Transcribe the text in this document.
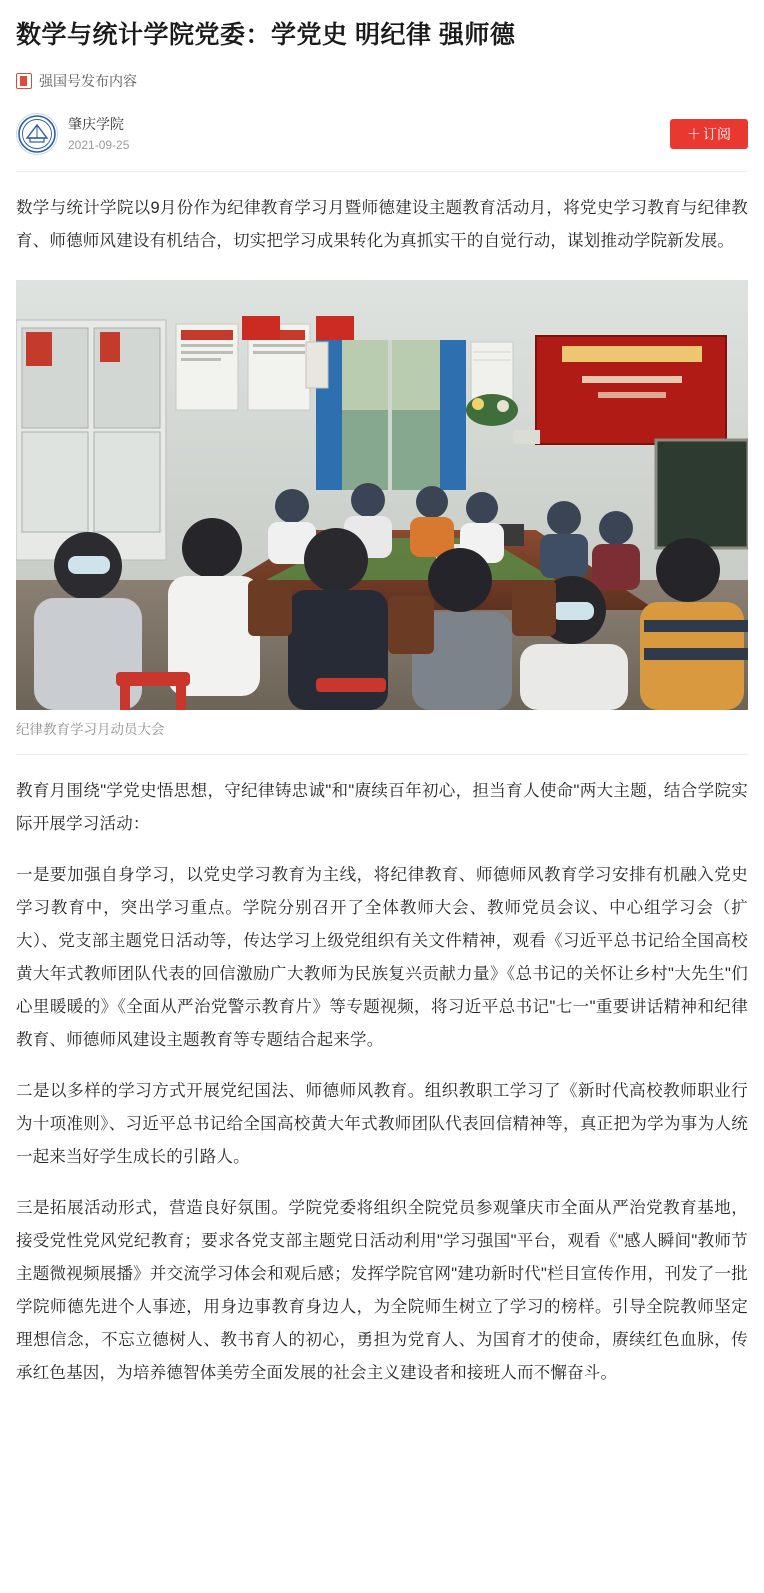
数学与统计学院党委：学党史 明纪律 强师德
强国号发布内容
肇庆学院
2021-09-25
＋ 订阅

数学与统计学院以9月份作为纪律教育学习月暨师德建设主题教育活动月，将党史学习教育与纪律教育、师德师风建设有机结合，切实把学习成果转化为真抓实干的自觉行动，谋划推动学院新发展。

纪律教育学习月动员大会

教育月围绕"学党史悟思想，守纪律铸忠诚"和"赓续百年初心，担当育人使命"两大主题，结合学院实际开展学习活动：

一是要加强自身学习，以党史学习教育为主线，将纪律教育、师德师风教育学习安排有机融入党史学习教育中，突出学习重点。学院分别召开了全体教师大会、教师党员会议、中心组学习会（扩大）、党支部主题党日活动等，传达学习上级党组织有关文件精神，观看《习近平总书记给全国高校黄大年式教师团队代表的回信激励广大教师为民族复兴贡献力量》《总书记的关怀让乡村"大先生"们心里暖暖的》《全面从严治党警示教育片》等专题视频，将习近平总书记"七一"重要讲话精神和纪律教育、师德师风建设主题教育等专题结合起来学。

二是以多样的学习方式开展党纪国法、师德师风教育。组织教职工学习了《新时代高校教师职业行为十项准则》、习近平总书记给全国高校黄大年式教师团队代表回信精神等，真正把为学为事为人统一起来当好学生成长的引路人。

三是拓展活动形式，营造良好氛围。学院党委将组织全院党员参观肇庆市全面从严治党教育基地，接受党性党风党纪教育；要求各党支部主题党日活动利用"学习强国"平台，观看《"感人瞬间"教师节主题微视频展播》并交流学习体会和观后感；发挥学院官网"建功新时代"栏目宣传作用，刊发了一批学院师德先进个人事迹，用身边事教育身边人，为全院师生树立了学习的榜样。引导全院教师坚定理想信念，不忘立德树人、教书育人的初心，勇担为党育人、为国育才的使命，赓续红色血脉，传承红色基因，为培养德智体美劳全面发展的社会主义建设者和接班人而不懈奋斗。
